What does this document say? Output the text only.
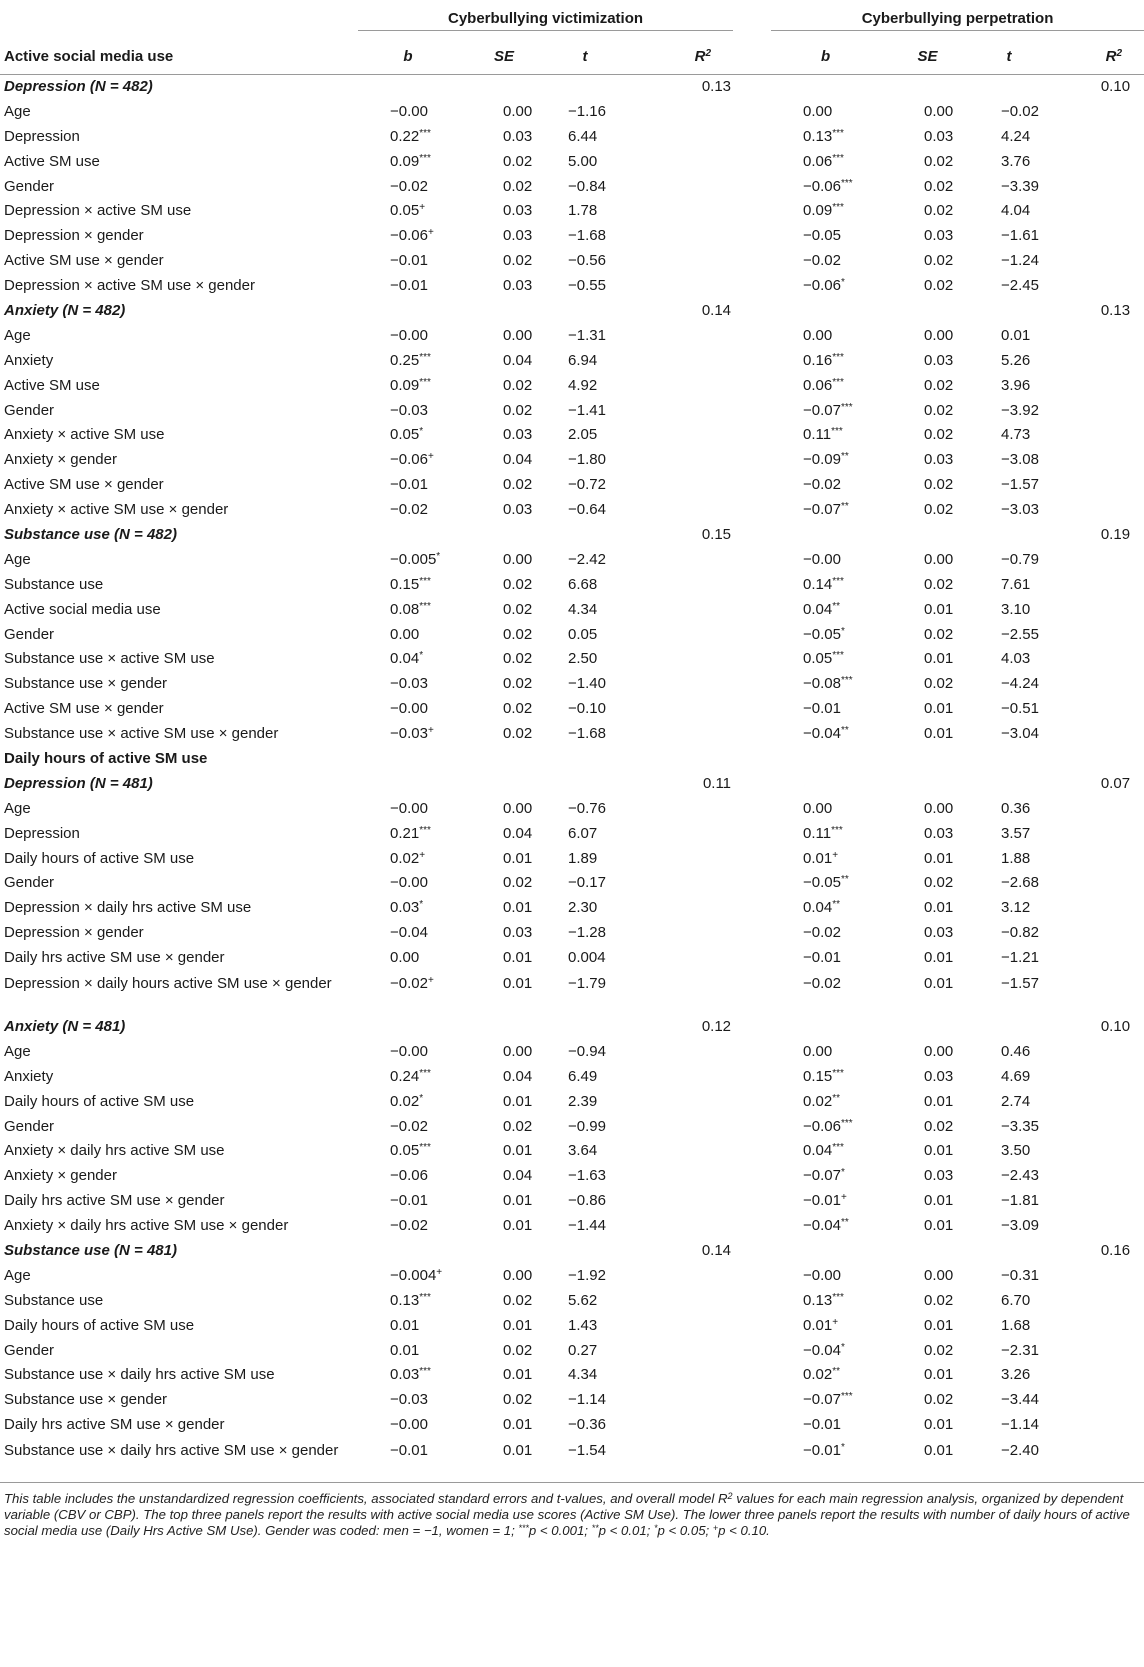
	Cyberbullying victimization					Cyberbullying perpetration			

Active social media use	b	SE	t	$R^2$		b	SE	t	$R^2$
Depression (N = 482)				0.13					0.10
Age	−0.00	0.00	−1.16			0.00	0.00	−0.02	
Depression	0.22***	0.03	6.44			0.13***	0.03	4.24	
Active SM use	0.09***	0.02	5.00			0.06***	0.02	3.76	
Gender	−0.02	0.02	−0.84			−0.06***	0.02	−3.39	
Depression × active SM use	0.05+	0.03	1.78			0.09***	0.02	4.04	
Depression × gender	−0.06+	0.03	−1.68			−0.05	0.03	−1.61	
Active SM use × gender	−0.01	0.02	−0.56			−0.02	0.02	−1.24	
Depression × active SM use × gender	−0.01	0.03	−0.55			−0.06*	0.02	−2.45	
Anxiety (N = 482)				0.14					0.13
Age	−0.00	0.00	−1.31			0.00	0.00	0.01	
Anxiety	0.25***	0.04	6.94			0.16***	0.03	5.26	
Active SM use	0.09***	0.02	4.92			0.06***	0.02	3.96	
Gender	−0.03	0.02	−1.41			−0.07***	0.02	−3.92	
Anxiety × active SM use	0.05*	0.03	2.05			0.11***	0.02	4.73	
Anxiety × gender	−0.06+	0.04	−1.80			−0.09**	0.03	−3.08	
Active SM use × gender	−0.01	0.02	−0.72			−0.02	0.02	−1.57	
Anxiety × active SM use × gender	−0.02	0.03	−0.64			−0.07**	0.02	−3.03	
Substance use (N = 482)				0.15					0.19
Age	−0.005*	0.00	−2.42			−0.00	0.00	−0.79	
Substance use	0.15***	0.02	6.68			0.14***	0.02	7.61	
Active social media use	0.08***	0.02	4.34			0.04**	0.01	3.10	
Gender	0.00	0.02	0.05			−0.05*	0.02	−2.55	
Substance use × active SM use	0.04*	0.02	2.50			0.05***	0.01	4.03	
Substance use × gender	−0.03	0.02	−1.40			−0.08***	0.02	−4.24	
Active SM use × gender	−0.00	0.02	−0.10			−0.01	0.01	−0.51	
Substance use × active SM use × gender	−0.03+	0.02	−1.68			−0.04**	0.01	−3.04	
Daily hours of active SM use									
Depression (N = 481)				0.11					0.07
Age	−0.00	0.00	−0.76			0.00	0.00	0.36	
Depression	0.21***	0.04	6.07			0.11***	0.03	3.57	
Daily hours of active SM use	0.02+	0.01	1.89			0.01+	0.01	1.88	
Gender	−0.00	0.02	−0.17			−0.05**	0.02	−2.68	
Depression × daily hrs active SM use	0.03*	0.01	2.30			0.04**	0.01	3.12	
Depression × gender	−0.04	0.03	−1.28			−0.02	0.03	−0.82	
Daily hrs active SM use × gender	0.00	0.01	0.004			−0.01	0.01	−1.21	
Depression × daily hours active SM use × gender	−0.02+	0.01	−1.79			−0.02	0.01	−1.57	
Anxiety (N = 481)				0.12					0.10
Age	−0.00	0.00	−0.94			0.00	0.00	0.46	
Anxiety	0.24***	0.04	6.49			0.15***	0.03	4.69	
Daily hours of active SM use	0.02*	0.01	2.39			0.02**	0.01	2.74	
Gender	−0.02	0.02	−0.99			−0.06***	0.02	−3.35	
Anxiety × daily hrs active SM use	0.05***	0.01	3.64			0.04***	0.01	3.50	
Anxiety × gender	−0.06	0.04	−1.63			−0.07*	0.03	−2.43	
Daily hrs active SM use × gender	−0.01	0.01	−0.86			−0.01+	0.01	−1.81	
Anxiety × daily hrs active SM use × gender	−0.02	0.01	−1.44			−0.04**	0.01	−3.09	
Substance use (N = 481)				0.14					0.16
Age	−0.004+	0.00	−1.92			−0.00	0.00	−0.31	
Substance use	0.13***	0.02	5.62			0.13***	0.02	6.70	
Daily hours of active SM use	0.01	0.01	1.43			0.01+	0.01	1.68	
Gender	0.01	0.02	0.27			−0.04*	0.02	−2.31	
Substance use × daily hrs active SM use	0.03***	0.01	4.34			0.02**	0.01	3.26	
Substance use × gender	−0.03	0.02	−1.14			−0.07***	0.02	−3.44	
Daily hrs active SM use × gender	−0.00	0.01	−0.36			−0.01	0.01	−1.14	
Substance use × daily hrs active SM use × gender	−0.01	0.01	−1.54			−0.01*	0.01	−2.40	
This table includes the unstandardized regression coefficients, associated standard errors and t-values, and overall model $R^2$ values for each main regression analysis, organized by dependent variable (CBV or CBP). The top three panels report the results with active social media use scores (Active SM Use). The lower three panels report the results with number of daily hours of active social media use (Daily Hrs Active SM Use). Gender was coded: men = −1, women = 1; ***p < 0.001; **p < 0.01; *p < 0.05; +p < 0.10.
